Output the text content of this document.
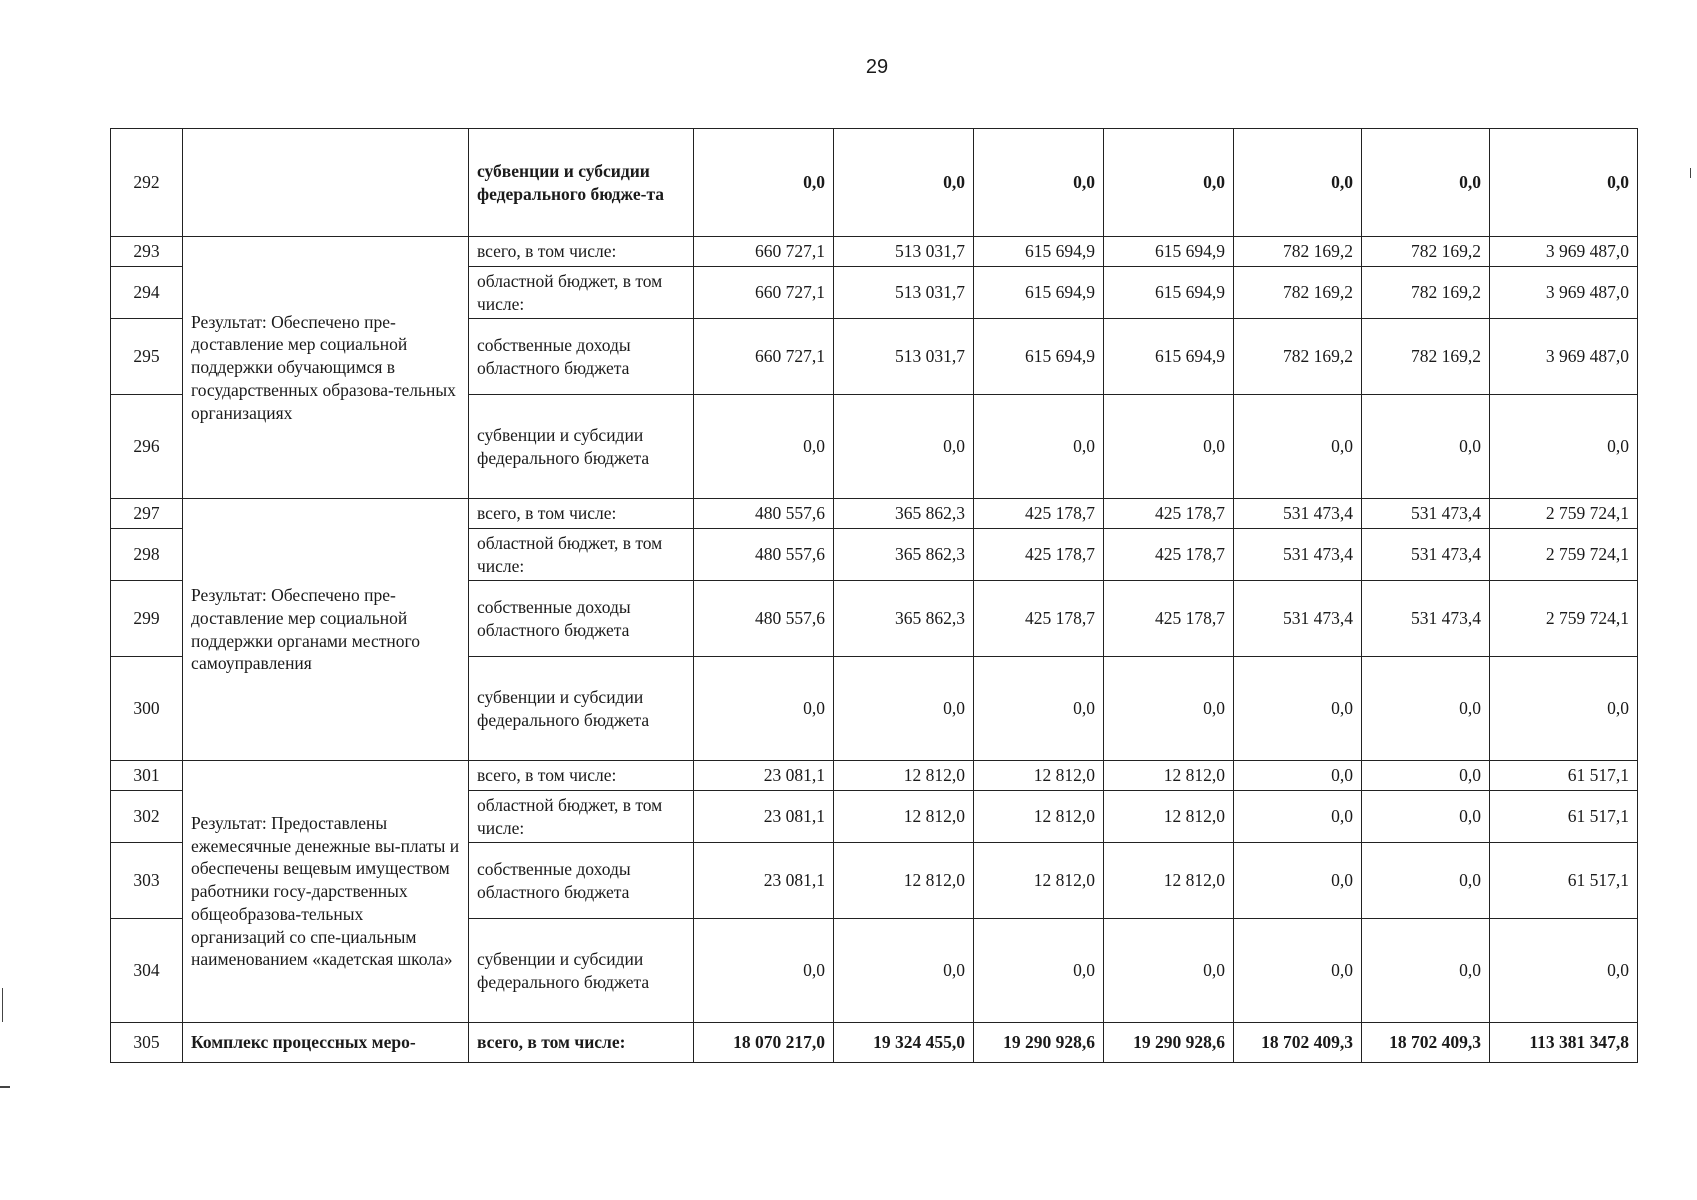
29
292		субвенции и субсидии федерального бюдже-та	0,0	0,0	0,0	0,0	0,0	0,0	0,0
293	Результат: Обеспечено пре-доставление мер социальной поддержки обучающимся в государственных образова-тельных организациях	всего, в том числе:	660 727,1	513 031,7	615 694,9	615 694,9	782 169,2	782 169,2	3 969 487,0
294		областной бюджет, в том числе:	660 727,1	513 031,7	615 694,9	615 694,9	782 169,2	782 169,2	3 969 487,0
295		собственные доходы областного бюджета	660 727,1	513 031,7	615 694,9	615 694,9	782 169,2	782 169,2	3 969 487,0
296		субвенции и субсидии федерального бюджета	0,0	0,0	0,0	0,0	0,0	0,0	0,0
297	Результат: Обеспечено пре-доставление мер социальной поддержки органами местного самоуправления	всего, в том числе:	480 557,6	365 862,3	425 178,7	425 178,7	531 473,4	531 473,4	2 759 724,1
298		областной бюджет, в том числе:	480 557,6	365 862,3	425 178,7	425 178,7	531 473,4	531 473,4	2 759 724,1
299		собственные доходы областного бюджета	480 557,6	365 862,3	425 178,7	425 178,7	531 473,4	531 473,4	2 759 724,1
300		субвенции и субсидии федерального бюджета	0,0	0,0	0,0	0,0	0,0	0,0	0,0
301	Результат: Предоставлены ежемесячные денежные вы-платы и обеспечены вещевым имуществом работники госу-дарственных общеобразова-тельных организаций со спе-циальным наименованием «кадетская школа»	всего, в том числе:	23 081,1	12 812,0	12 812,0	12 812,0	0,0	0,0	61 517,1
302		областной бюджет, в том числе:	23 081,1	12 812,0	12 812,0	12 812,0	0,0	0,0	61 517,1
303		собственные доходы областного бюджета	23 081,1	12 812,0	12 812,0	12 812,0	0,0	0,0	61 517,1
304		субвенции и субсидии федерального бюджета	0,0	0,0	0,0	0,0	0,0	0,0	0,0
305	Комплекс процессных меро-	всего, в том числе:	18 070 217,0	19 324 455,0	19 290 928,6	19 290 928,6	18 702 409,3	18 702 409,3	113 381 347,8
